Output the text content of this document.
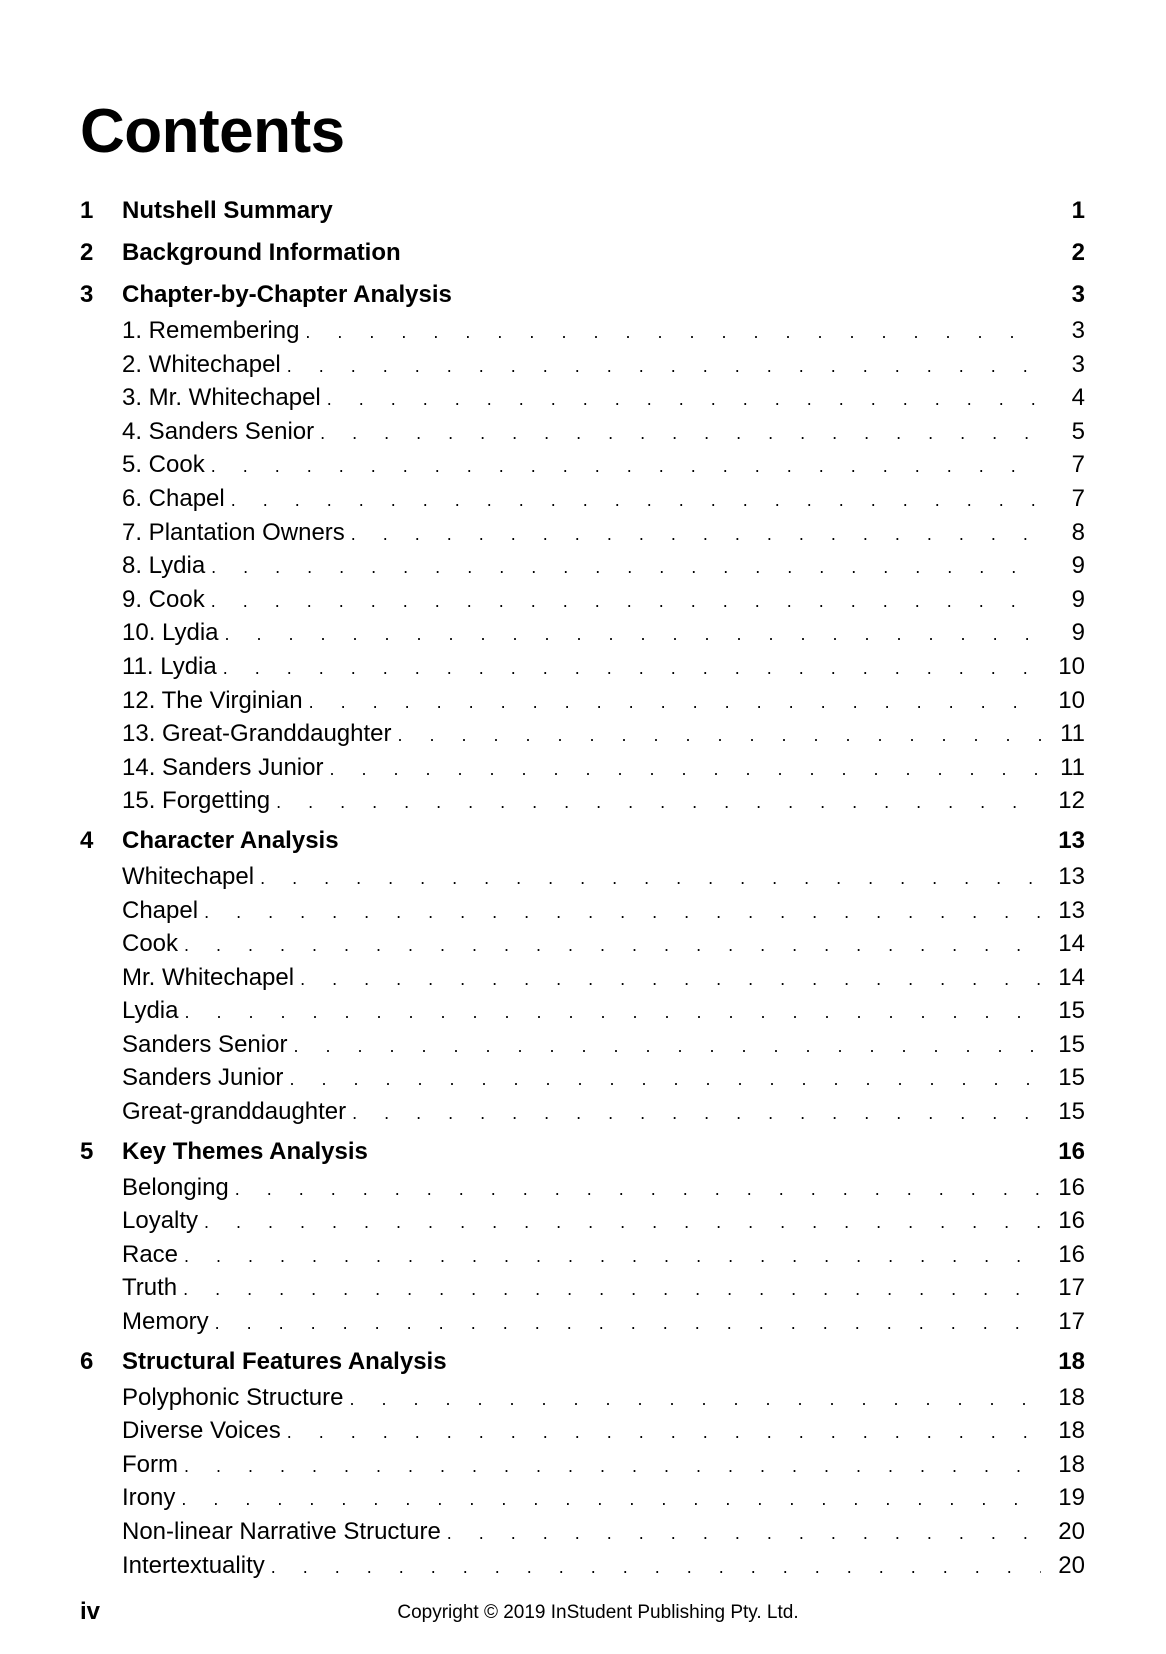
Contents
1	Nutshell Summary	1
2	Background Information	2
3	Chapter-by-Chapter Analysis	3
1. Remembering . . .	3
2. Whitechapel . . .	3
3. Mr. Whitechapel . . .	4
4. Sanders Senior . . .	5
5. Cook . . .	7
6. Chapel . . .	7
7. Plantation Owners . . .	8
8. Lydia . . .	9
9. Cook . . .	9
10. Lydia . . .	9
11. Lydia . . .	10
12. The Virginian . . .	10
13. Great-Granddaughter . . .	11
14. Sanders Junior . . .	11
15. Forgetting . . .	12
4	Character Analysis	13
Whitechapel . . .	13
Chapel . . .	13
Cook . . .	14
Mr. Whitechapel . . .	14
Lydia . . .	15
Sanders Senior . . .	15
Sanders Junior . . .	15
Great-granddaughter . . .	15
5	Key Themes Analysis	16
Belonging . . .	16
Loyalty . . .	16
Race . . .	16
Truth . . .	17
Memory . . .	17
6	Structural Features Analysis	18
Polyphonic Structure . . .	18
Diverse Voices . . .	18
Form . . .	18
Irony . . .	19
Non-linear Narrative Structure . . .	20
Intertextuality . . .	20
iv	Copyright © 2019 InStudent Publishing Pty. Ltd.
